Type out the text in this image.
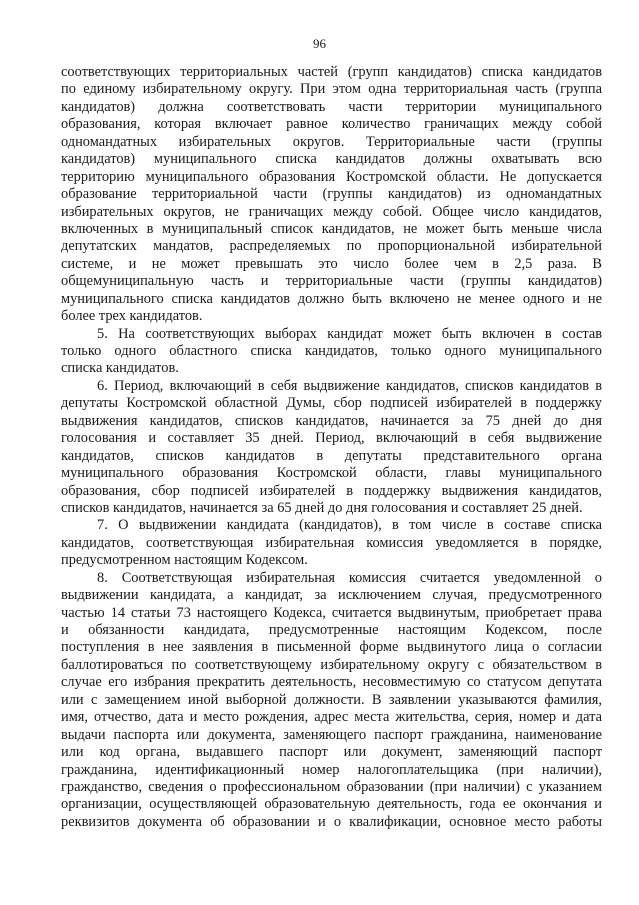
96

соответствующих территориальных частей (групп кандидатов) списка кандидатов
по единому избирательному округу. При этом одна территориальная часть (группа
кандидатов) должна соответствовать части территории муниципального
образования, которая включает равное количество граничащих между собой
одномандатных избирательных округов. Территориальные части (группы
кандидатов) муниципального списка кандидатов должны охватывать всю
территорию муниципального образования Костромской области. Не допускается
образование территориальной части (группы кандидатов) из одномандатных
избирательных округов, не граничащих между собой. Общее число кандидатов,
включенных в муниципальный список кандидатов, не может быть меньше числа
депутатских мандатов, распределяемых по пропорциональной избирательной
системе, и не может превышать это число более чем в 2,5 раза. В
общемуниципальную часть и территориальные части (группы кандидатов)
муниципального списка кандидатов должно быть включено не менее одного и не
более трех кандидатов.

5. На соответствующих выборах кандидат может быть включен в состав
только одного областного списка кандидатов, только одного муниципального
списка кандидатов.

6. Период, включающий в себя выдвижение кандидатов, списков кандидатов в
депутаты Костромской областной Думы, сбор подписей избирателей в поддержку
выдвижения кандидатов, списков кандидатов, начинается за 75 дней до дня
голосования и составляет 35 дней. Период, включающий в себя выдвижение
кандидатов, списков кандидатов в депутаты представительного органа
муниципального образования Костромской области, главы муниципального
образования, сбор подписей избирателей в поддержку выдвижения кандидатов,
списков кандидатов, начинается за 65 дней до дня голосования и составляет 25 дней.

7. О выдвижении кандидата (кандидатов), в том числе в составе списка
кандидатов, соответствующая избирательная комиссия уведомляется в порядке,
предусмотренном настоящим Кодексом.

8. Соответствующая избирательная комиссия считается уведомленной о
выдвижении кандидата, а кандидат, за исключением случая, предусмотренного
частью 14 статьи 73 настоящего Кодекса, считается выдвинутым, приобретает права
и обязанности кандидата, предусмотренные настоящим Кодексом, после
поступления в нее заявления в письменной форме выдвинутого лица о согласии
баллотироваться по соответствующему избирательному округу с обязательством в
случае его избрания прекратить деятельность, несовместимую со статусом депутата
или с замещением иной выборной должности. В заявлении указываются фамилия,
имя, отчество, дата и место рождения, адрес места жительства, серия, номер и дата
выдачи паспорта или документа, заменяющего паспорт гражданина, наименование
или код органа, выдавшего паспорт или документ, заменяющий паспорт
гражданина, идентификационный номер налогоплательщика (при наличии),
гражданство, сведения о профессиональном образовании (при наличии) с указанием
организации, осуществляющей образовательную деятельность, года ее окончания и
реквизитов документа об образовании и о квалификации, основное место работы
